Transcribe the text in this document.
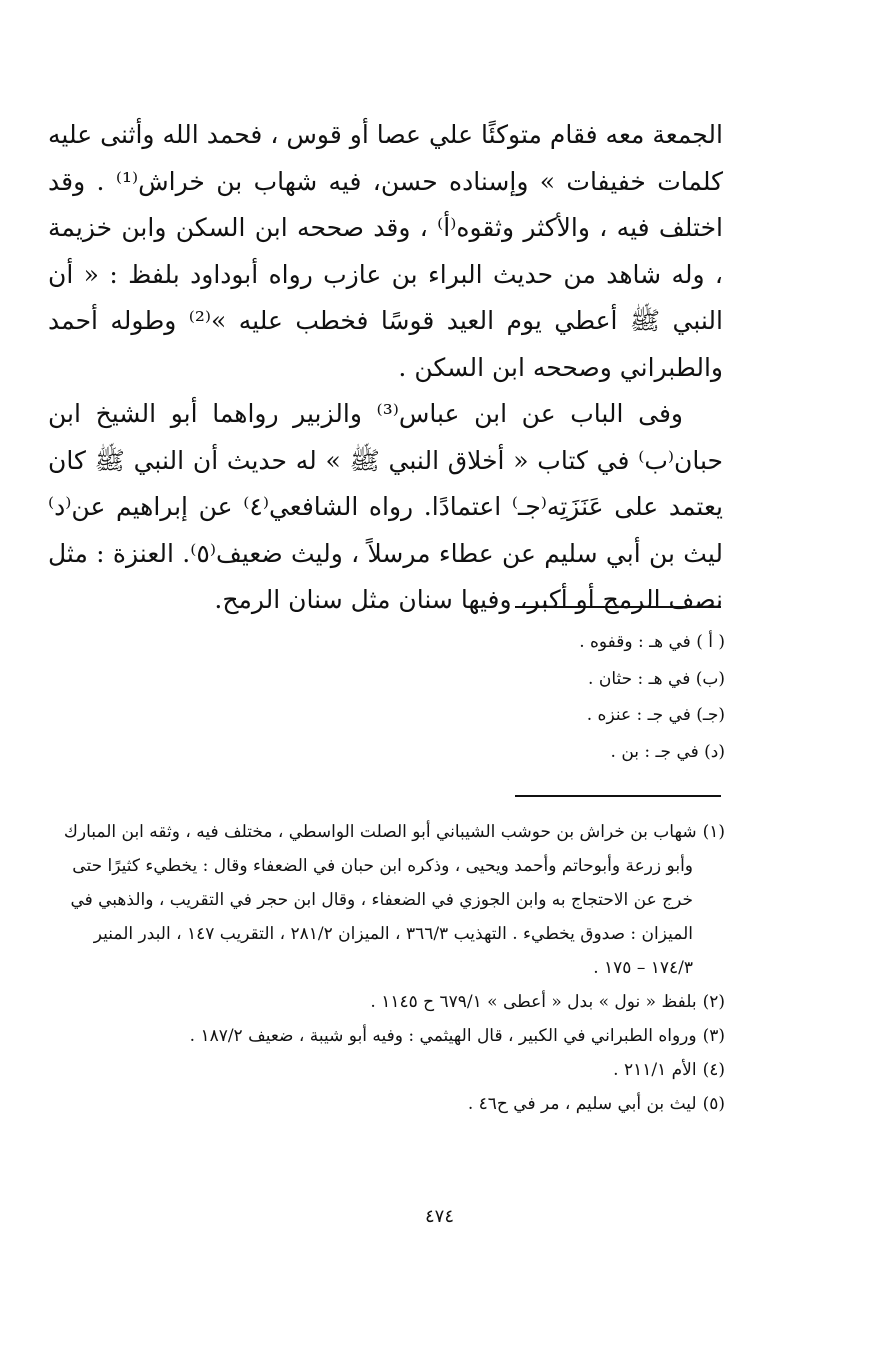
الجمعة معه فقام متوكئًا علي عصا أو قوس ، فحمد الله وأثنى عليه كلمات خفيفات » وإسناده حسن، فيه شهاب بن خراش⁽¹⁾ . وقد اختلف فيه ، والأكثر وثقوه⁽أ⁾ ، وقد صححه ابن السكن وابن خزيمة ، وله شاهد من حديث البراء بن عازب رواه أبوداود بلفظ : « أن النبي ﷺ أعطي يوم العيد قوسًا فخطب عليه »⁽²⁾ وطوله أحمد والطبراني وصححه ابن السكن .

وفى الباب عن ابن عباس⁽³⁾ والزبير رواهما أبو الشيخ ابن حبان⁽ب⁾ في كتاب « أخلاق النبي ﷺ » له حديث أن النبي ﷺ كان يعتمد على عَنَزَتِه⁽جـ⁾ اعتمادًا. رواه الشافعي⁽٤⁾ عن إبراهيم عن⁽د⁾ ليث بن أبي سليم عن عطاء مرسلاً ، وليث ضعيف⁽٥⁾. العنزة : مثل نصف الرمح أو أكبر، وفيها سنان مثل سنان الرمح.

( أ ) في هـ : وقفوه .
(ب) في هـ : حثان .
(جـ) في جـ : عنزه .
(د) في جـ : بن .
(١)شهاب بن خراش بن حوشب الشيباني أبو الصلت الواسطي ، مختلف فيه ، وثقه ابن المبارك
وأبو زرعة وأبوحاتم وأحمد ويحيى ، وذكره ابن حبان في الضعفاء وقال : يخطيء كثيرًا حتى خرج عن الاحتجاج به وابن الجوزي في الضعفاء ، وقال ابن حجر في التقريب ، والذهبي في الميزان : صدوق يخطيء . التهذيب ٣٦٦/٣ ، الميزان ٢٨١/٢ ، التقريب ١٤٧ ، البدر المنير ١٧٤/٣ – ١٧٥ .
(٢)بلفظ « نول » بدل « أعطى » ٦٧٩/١ ح ١١٤٥ .
(٣)ورواه الطبراني في الكبير ، قال الهيثمي : وفيه أبو شيبة ، ضعيف ١٨٧/٢ .
(٤)الأم ٢١١/١ .
(٥)ليث بن أبي سليم ، مر في ح٤٦ .
٤٧٤
